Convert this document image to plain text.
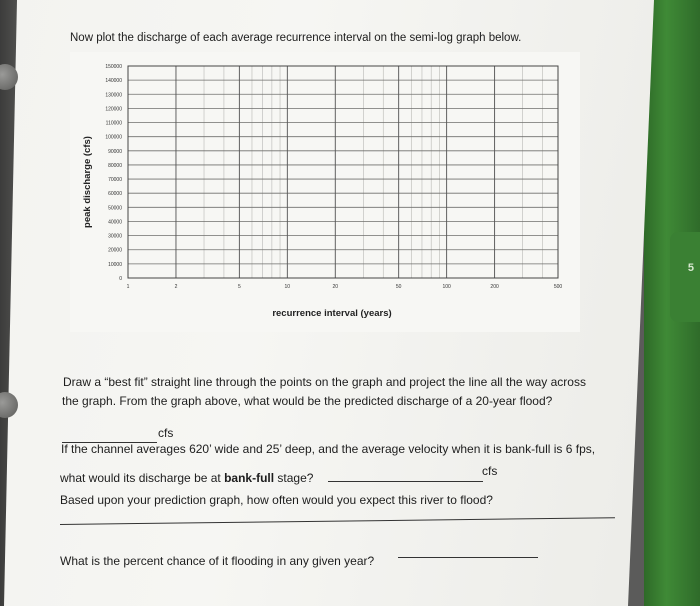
5
Now plot the discharge of each average recurrence interval on the semi-log graph below.
150000
140000
130000
120000
110000
100000
90000
80000
70000
60000
50000
40000
30000
20000
10000
0
1	2	5	10	20	50	100	200	500
peak discharge (cfs)
recurrence interval (years)
Draw a “best fit” straight line through the points on the graph and project the line all the way across
the graph. From the graph above, what would be the predicted discharge of a 20-year flood?
cfs
If the channel averages 620’ wide and 25’ deep, and the average velocity when it is bank-full is 6 fps,
what would its discharge be at bank-full stage?	cfs
Based upon your prediction graph, how often would you expect this river to flood?
What is the percent chance of it flooding in any given year?
